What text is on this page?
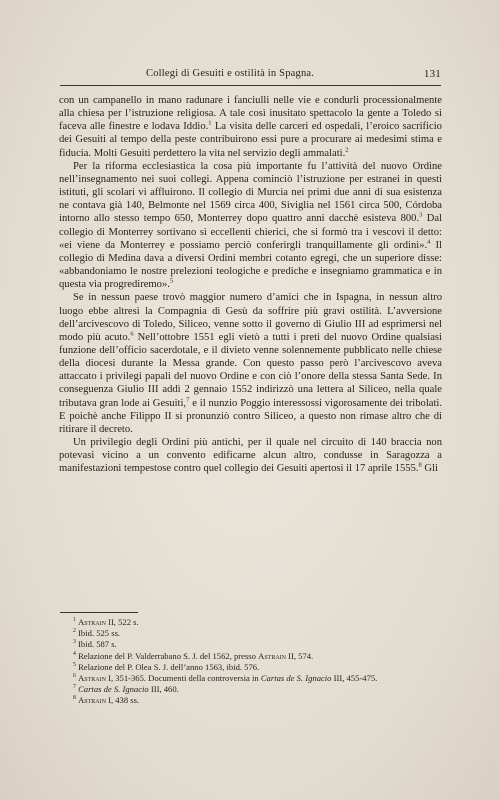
Collegi di Gesuiti e ostilità in Spagna.	131

con un campanello in mano radunare i fanciulli nelle vie e condurli processionalmente alla chiesa per l’istruzione religiosa. A tale così inusitato spettacolo la gente a Toledo si faceva alle finestre e lodava Iddio.$^1$ La visita delle carceri ed ospedali, l’eroico sacrificio dei Gesuiti al tempo della peste contribuirono essi pure a procurare ai medesimi stima e fiducia. Molti Gesuiti perdettero la vita nel servizio degli ammalati.$^2$

Per la riforma ecclesiastica la cosa più importante fu l’attività del nuovo Ordine nell’insegnamento nei suoi collegi. Appena cominciò l’istruzione per estranei in questi istituti, gli scolari vi affluirono. Il collegio di Murcia nei primi due anni di sua esistenza ne contava già 140, Belmonte nel 1569 circa 400, Siviglia nel 1561 circa 500, Córdoba intorno allo stesso tempo 650, Monterrey dopo quattro anni dacchè esisteva 800.$^3$ Dal collegio di Monterrey sortivano sì eccellenti chierici, che si formò tra i vescovi il detto: «ei viene da Monterrey e possiamo perciò conferirgli tranquillamente gli ordini».$^4$ Il collegio di Medina dava a diversi Ordini membri cotanto egregi, che un superiore disse: «abbandoniamo le nostre prelezioni teologiche e prediche e insegniamo grammatica e in questa via progrediremo».$^5$

Se in nessun paese trovò maggior numero d’amici che in Ispagna, in nessun altro luogo ebbe altresì la Compagnia di Gesù da soffrire più gravi ostilità. L’avversione dell’arcivescovo di Toledo, Siliceo, venne sotto il governo di Giulio III ad esprimersi nel modo più acuto.$^6$ Nell’ottobre 1551 egli vietò a tutti i preti del nuovo Ordine qualsiasi funzione dell’officio sacerdotale, e il divieto venne solennemente pubblicato nelle chiese della diocesi durante la Messa grande. Con questo passo però l’arcivescovo aveva attaccato i privilegi papali del nuovo Ordine e con ciò l’onore della stessa Santa Sede. In conseguenza Giulio III addì 2 gennaio 1552 indirizzò una lettera al Siliceo, nella quale tributava gran lode ai Gesuiti,$^7$ e il nunzio Poggio interessossi vigorosamente dei tribolati. E poichè anche Filippo II si pronunziò contro Siliceo, a questo non rimase altro che di ritirare il decreto.

Un privilegio degli Ordini più antichi, per il quale nel circuito di 140 braccia non potevasi vicino a un convento edificarne alcun altro, condusse in Saragozza a manifestazioni tempestose contro quel collegio dei Gesuiti apertosi il 17 aprile 1555.$^8$ Gli

$^1$ Astrain II, 522 s.

$^2$ Ibid. 525 ss.

$^3$ Ibid. 587 s.

$^4$ Relazione del P. Valderrabano S. J. del 1562, presso Astrain II, 574.

$^5$ Relazione del P. Olea S. J. dell’anno 1563, ibid. 576.

$^6$ Astrain I, 351-365. Documenti della controversia in Cartas de S. Ignacio III, 455-475.

$^7$ Cartas de S. Ignacio III, 460.

$^8$ Astrain I, 438 ss.
